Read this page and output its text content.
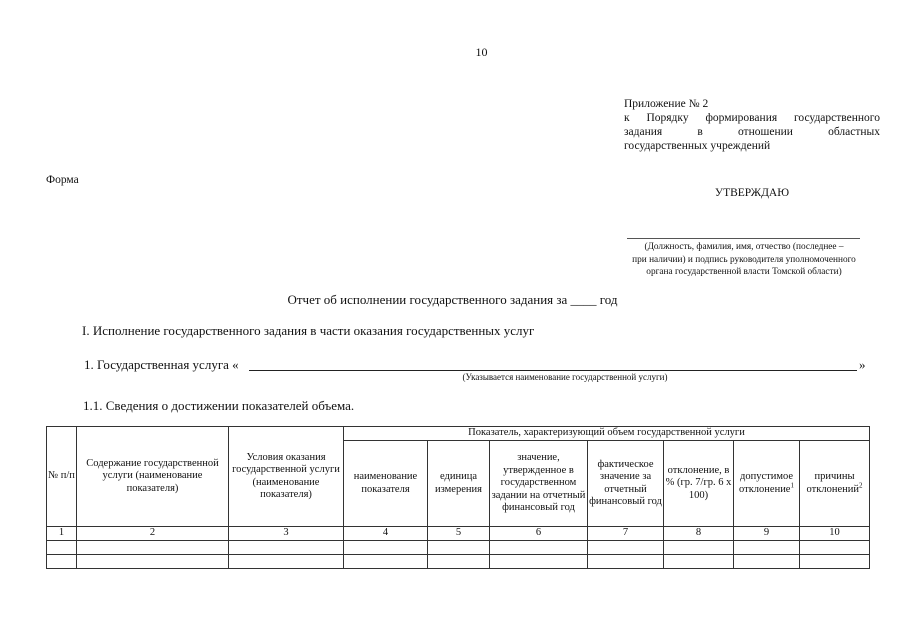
10
Приложение № 2
к Порядку формирования государственного
задания в отношении областных
государственных учреждений
Форма
УТВЕРЖДАЮ
(Должность, фамилия, имя, отчество (последнее –
при наличии) и подпись руководителя уполномоченного
органа государственной власти Томской области)
Отчет об исполнении государственного задания за ____ год
I. Исполнение государственного задания в части оказания государственных услуг
1. Государственная услуга «	»
(Указывается наименование государственной услуги)
1.1. Сведения о достижении показателей объема.
№ п/п	Содержание государственной услуги (наименование показателя)	Условия оказания государственной услуги (наименование показателя)	Показатель, характеризующий объем государственной услуги						
			наименование показателя	единица измерения	значение, утвержденное в государственном задании на отчетный финансовый год	фактическое значение за отчетный финансовый год	отклонение, в % (гр. 7/гр. 6 x 100)	допустимое отклонение$^1$	причины отклонений$^2$
1	2	3	4	5	6	7	8	9	10
